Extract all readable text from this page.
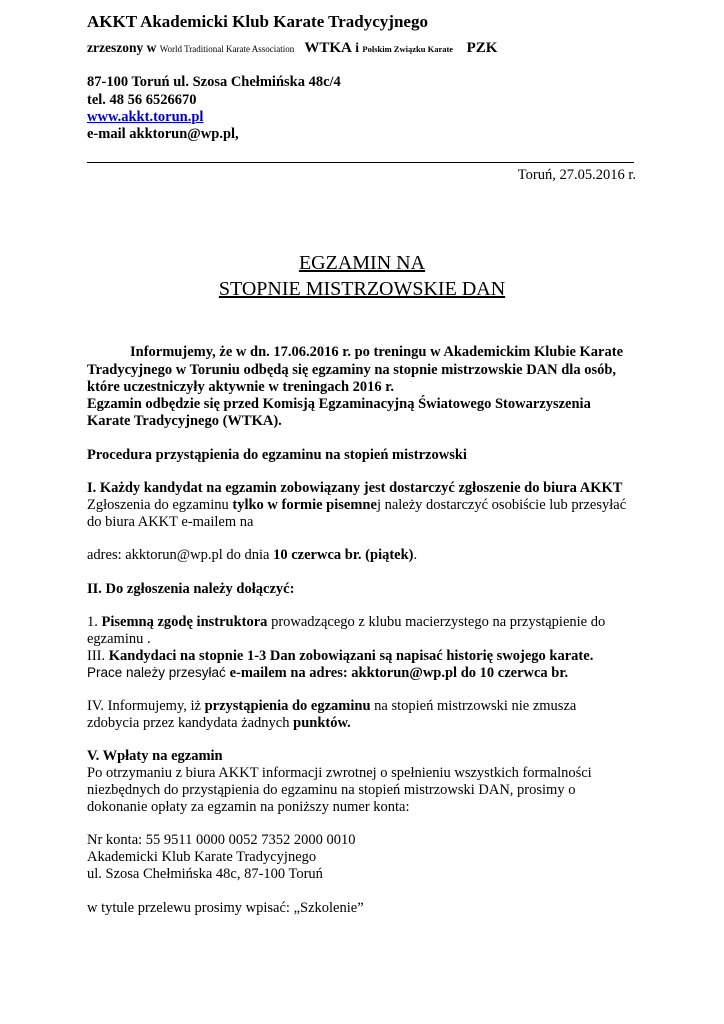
AKKT Akademicki Klub Karate Tradycyjnego
zrzeszony w World Traditional Karate Association WTKA i Polskim Związku Karate PZK
87-100 Toruń ul. Szosa Chełmińska 48c/4
tel. 48 56 6526670
www.akkt.torun.pl
e-mail akktorun@wp.pl,
Toruń, 27.05.2016 r.
EGZAMIN NA
STOPNIE MISTRZOWSKIE DAN
Informujemy, że w dn. 17.06.2016 r. po treningu w Akademickim Klubie Karate
Tradycyjnego w Toruniu odbędą się egzaminy na stopnie mistrzowskie DAN dla osób,
które uczestniczyły aktywnie w treningach 2016 r.
Egzamin odbędzie się przed Komisją Egzaminacyjną Światowego Stowarzyszenia
Karate Tradycyjnego (WTKA).
Procedura przystąpienia do egzaminu na stopień mistrzowski
I. Każdy kandydat na egzamin zobowiązany jest dostarczyć zgłoszenie do biura AKKT
Zgłoszenia do egzaminu tylko w formie pisemnej należy dostarczyć osobiście lub przesyłać
do biura AKKT e-mailem na
adres: akktorun@wp.pl do dnia 10 czerwca br. (piątek).
II. Do zgłoszenia należy dołączyć:
1. Pisemną zgodę instruktora prowadzącego z klubu macierzystego na przystąpienie do
egzaminu .
III. Kandydaci na stopnie 1-3 Dan zobowiązani są napisać historię swojego karate.
Prace należy przesyłać e-mailem na adres: akktorun@wp.pl do 10 czerwca br.
IV. Informujemy, iż przystąpienia do egzaminu na stopień mistrzowski nie zmusza
zdobycia przez kandydata żadnych punktów.
V. Wpłaty na egzamin
Po otrzymaniu z biura AKKT informacji zwrotnej o spełnieniu wszystkich formalności
niezbędnych do przystąpienia do egzaminu na stopień mistrzowski DAN, prosimy o
dokonanie opłaty za egzamin na poniższy numer konta:
Nr konta: 55 9511 0000 0052 7352 2000 0010
Akademicki Klub Karate Tradycyjnego
ul. Szosa Chełmińska 48c, 87-100 Toruń
w tytule przelewu prosimy wpisać: „Szkolenie”
